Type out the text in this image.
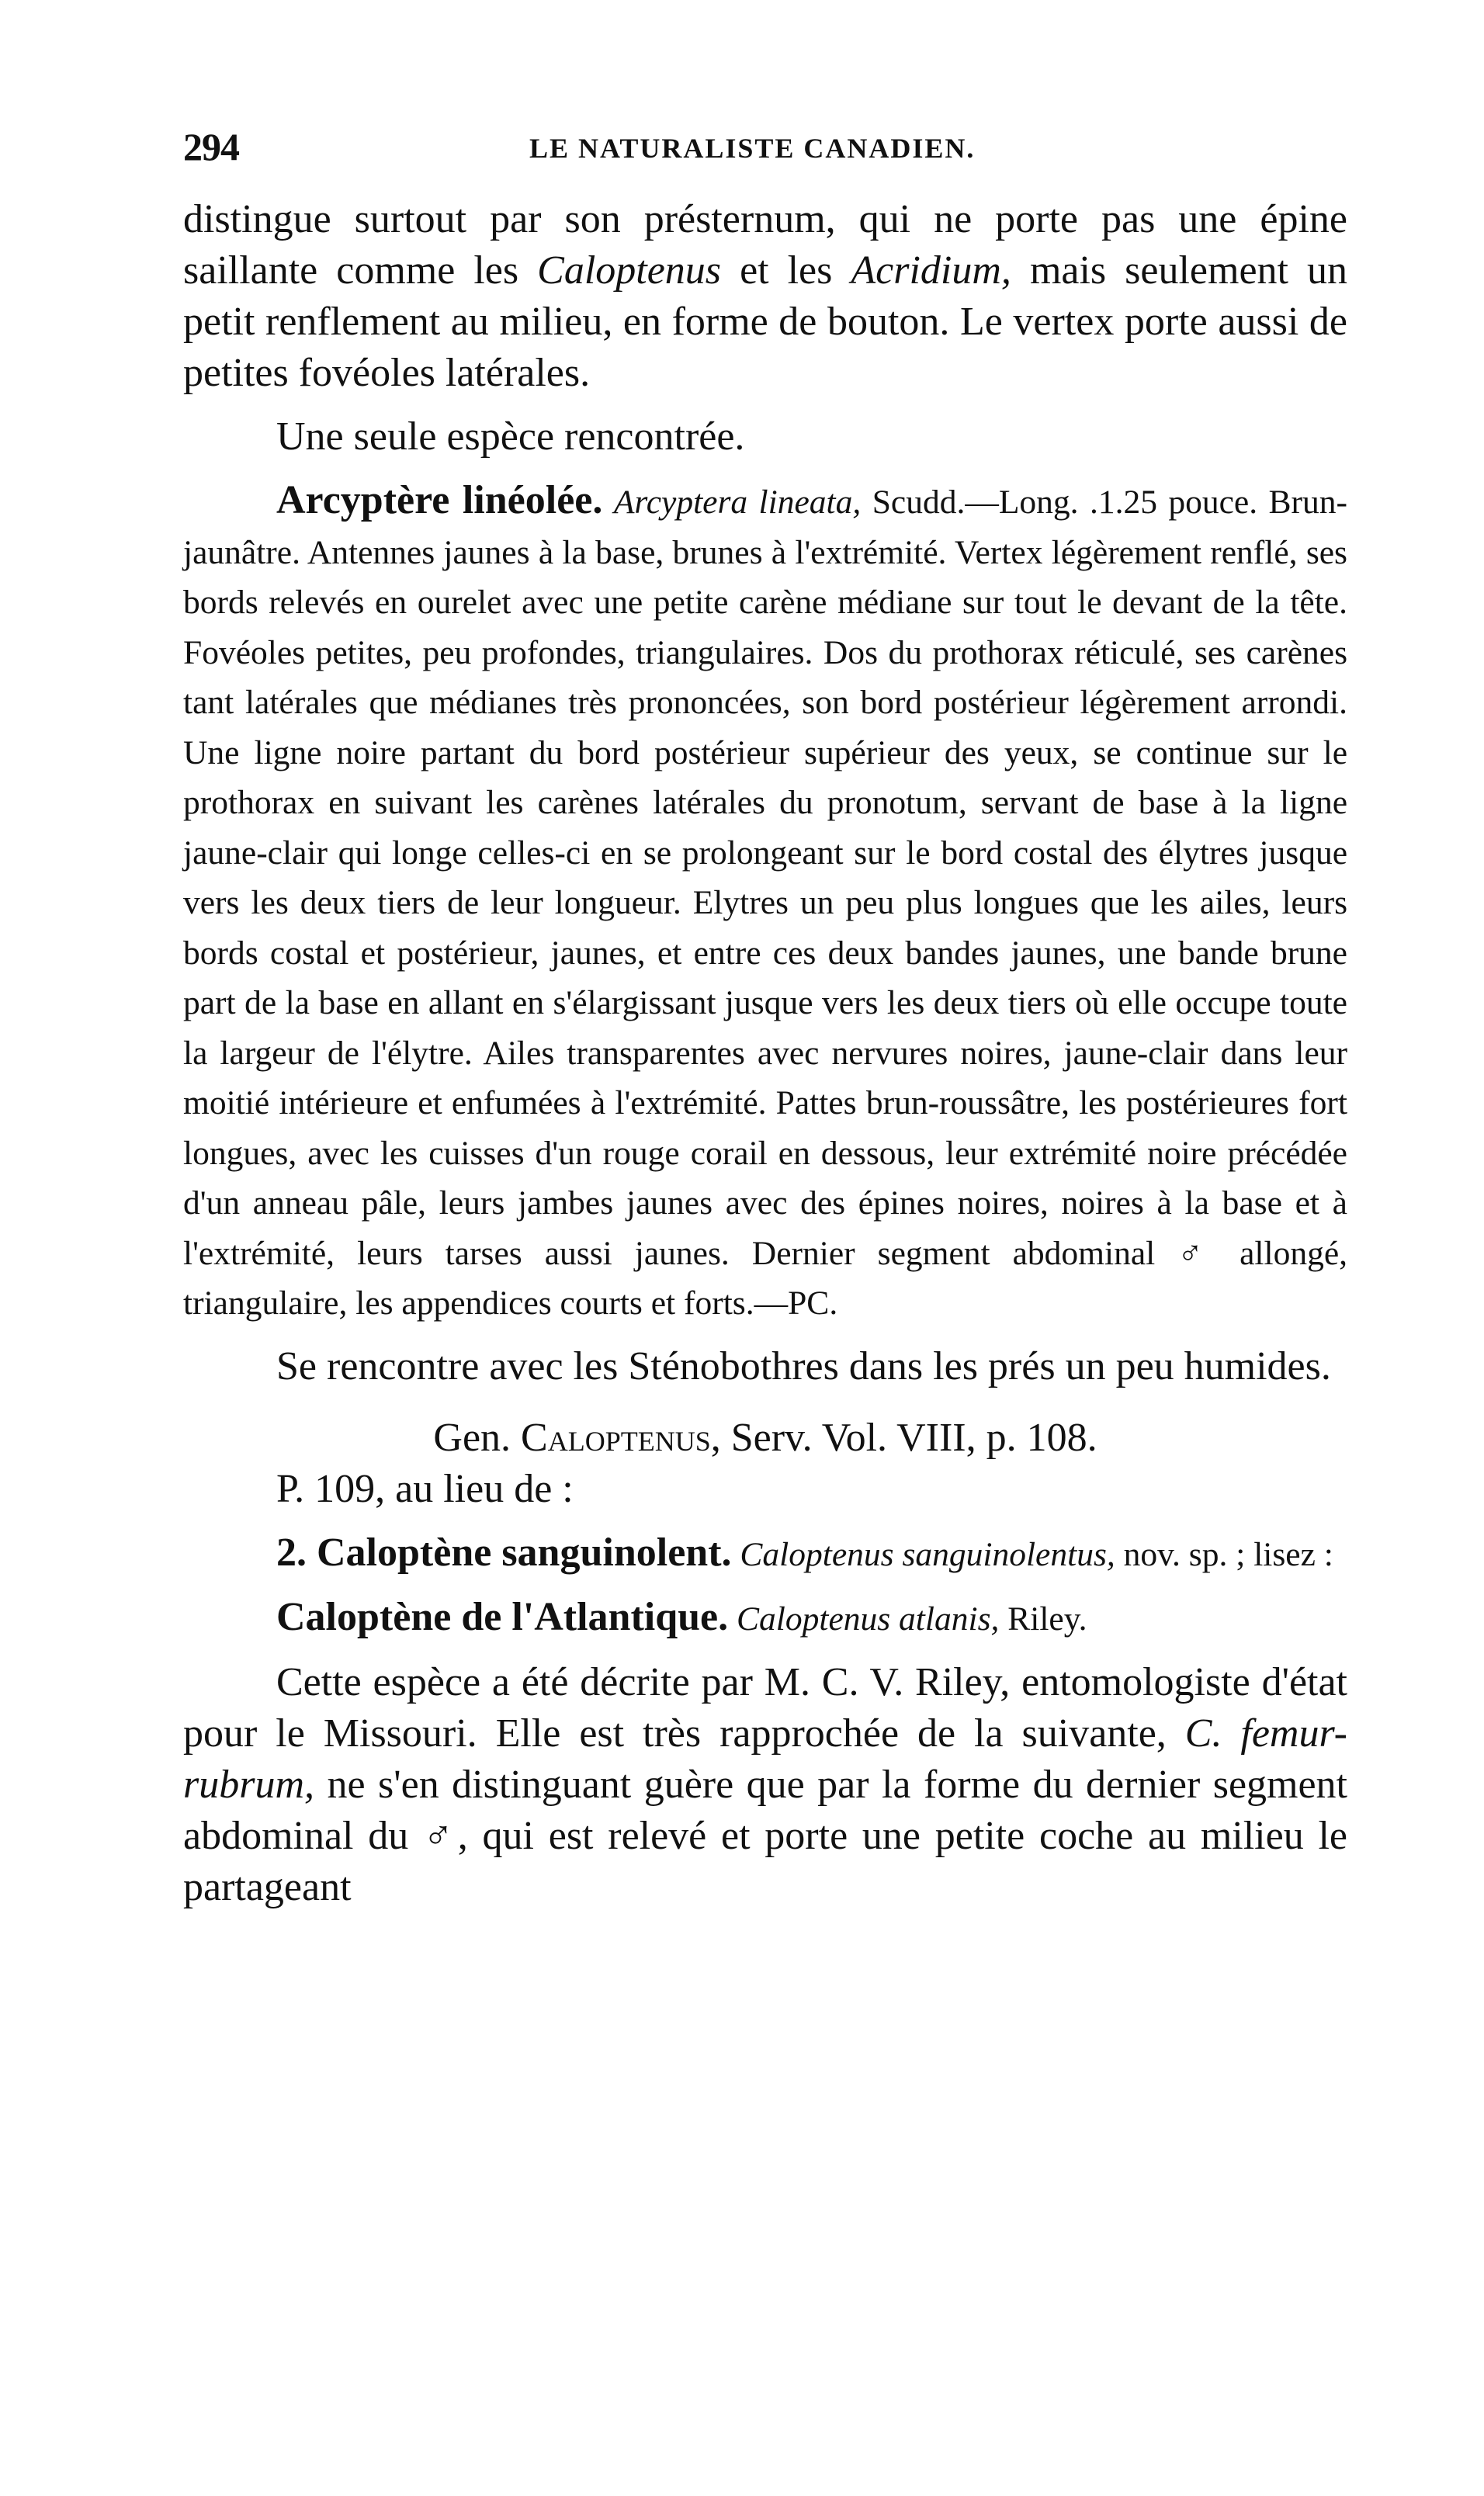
294	LE NATURALISTE CANADIEN.

distingue surtout par son présternum, qui ne porte pas une épine saillante comme les Caloptenus et les Acridium, mais seulement un petit renflement au milieu, en forme de bouton. Le vertex porte aussi de petites fovéoles latérales.

Une seule espèce rencontrée.

Arcyptère linéolée. Arcyptera lineata, Scudd.—Long. .1.25 pouce. Brun-jaunâtre. Antennes jaunes à la base, brunes à l'extrémité. Vertex légèrement renflé, ses bords relevés en ourelet avec une petite carène médiane sur tout le devant de la tête. Fovéoles petites, peu profondes, triangulaires. Dos du prothorax réticulé, ses carènes tant latérales que médianes très prononcées, son bord postérieur légèrement arrondi. Une ligne noire partant du bord postérieur supérieur des yeux, se continue sur le prothorax en suivant les carènes latérales du pronotum, servant de base à la ligne jaune-clair qui longe celles-ci en se prolongeant sur le bord costal des élytres jusque vers les deux tiers de leur longueur. Elytres un peu plus longues que les ailes, leurs bords costal et postérieur, jaunes, et entre ces deux bandes jaunes, une bande brune part de la base en allant en s'élargissant jusque vers les deux tiers où elle occupe toute la largeur de l'élytre. Ailes transparentes avec nervures noires, jaune-clair dans leur moitié intérieure et enfumées à l'extrémité. Pattes brun-roussâtre, les postérieures fort longues, avec les cuisses d'un rouge corail en dessous, leur extrémité noire précédée d'un anneau pâle, leurs jambes jaunes avec des épines noires, noires à la base et à l'extrémité, leurs tarses aussi jaunes. Dernier segment abdominal ♂ allongé, triangulaire, les appendices courts et forts.—PC.

Se rencontre avec les Sténobothres dans les prés un peu humides.

Gen. Caloptenus, Serv. Vol. VIII, p. 108.

P. 109, au lieu de :

2. Caloptène sanguinolent. Caloptenus sanguinolentus, nov. sp. ; lisez :

Caloptène de l'Atlantique. Caloptenus atlanis, Riley.

Cette espèce a été décrite par M. C. V. Riley, entomologiste d'état pour le Missouri. Elle est très rapprochée de la suivante, C. femur-rubrum, ne s'en distinguant guère que par la forme du dernier segment abdominal du ♂, qui est relevé et porte une petite coche au milieu le partageant
